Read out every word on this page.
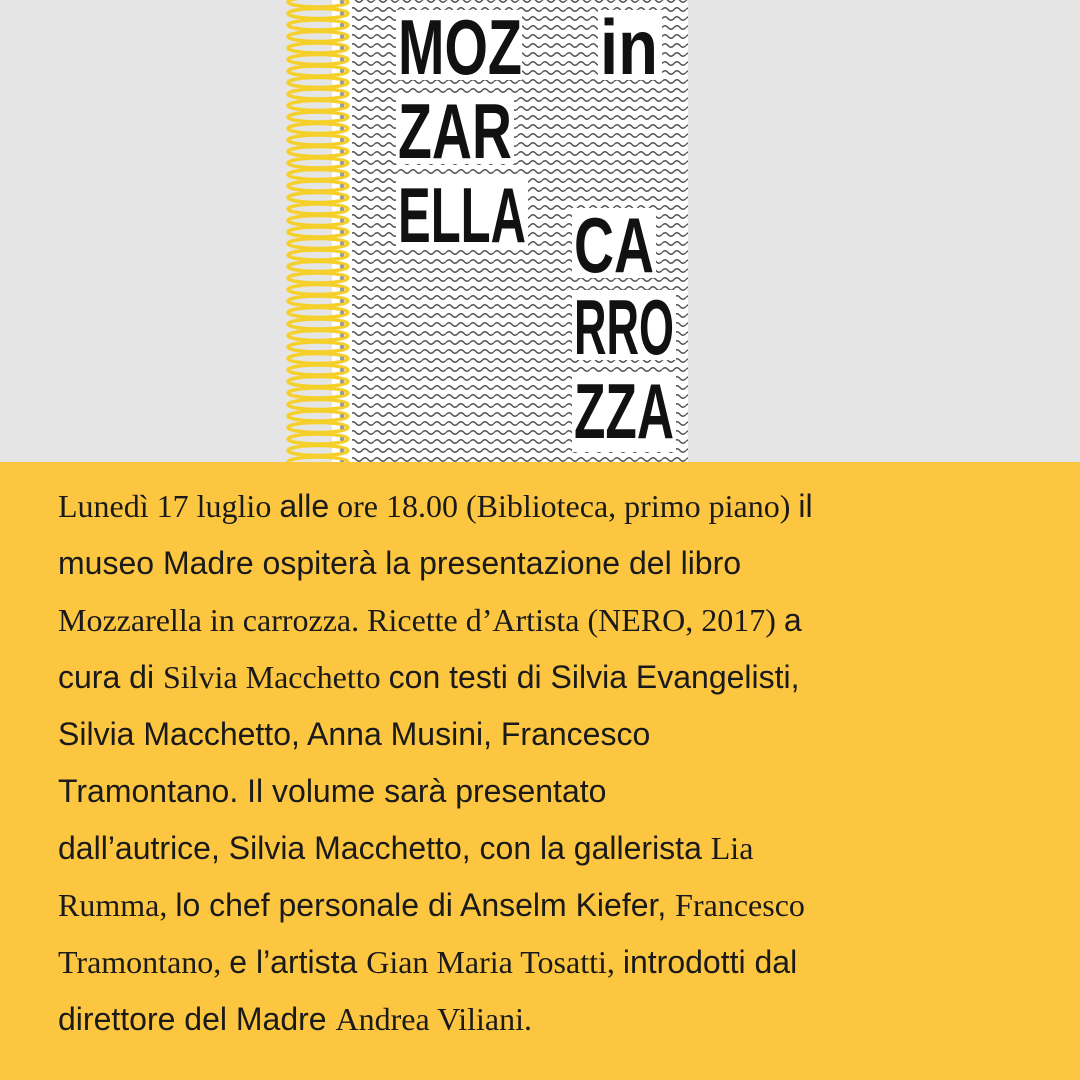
MOZ
ZAR
ELLA
in
CA
RRO
ZZA
Lunedì 17 luglio alle ore 18.00 (Biblioteca, primo piano) il
museo Madre ospiterà la presentazione del libro
Mozzarella in carrozza. Ricette d’Artista (NERO, 2017) a
cura di Silvia Macchetto con testi di Silvia Evangelisti,
Silvia Macchetto, Anna Musini, Francesco
Tramontano. Il volume sarà presentato
dall’autrice, Silvia Macchetto, con la gallerista Lia
Rumma, lo chef personale di Anselm Kiefer, Francesco
Tramontano, e l’artista Gian Maria Tosatti, introdotti dal
direttore del Madre Andrea Viliani.
